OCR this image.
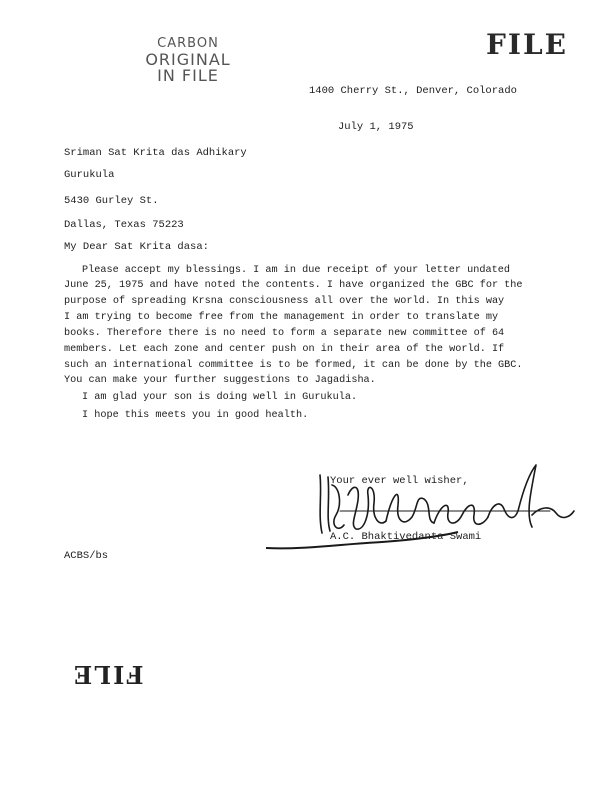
CARBON
ORIGINAL
IN FILE
FILE
1400 Cherry St., Denver, Colorado
July 1, 1975
Sriman Sat Krita das Adhikary
Gurukula
5430 Gurley St.
Dallas, Texas 75223
My Dear Sat Krita dasa:
Please accept my blessings. I am in due receipt of your letter undated
June 25, 1975 and have noted the contents. I have organized the GBC for the
purpose of spreading Krsna consciousness all over the world. In this way
I am trying to become free from the management in order to translate my
books. Therefore there is no need to form a separate new committee of 64
members. Let each zone and center push on in their area of the world. If
such an international committee is to be formed, it can be done by the GBC.
You can make your further suggestions to Jagadisha.
I am glad your son is doing well in Gurukula.
I hope this meets you in good health.
Your ever well wisher,
A.C. Bhaktivedanta Swami
ACBS/bs
FILE
